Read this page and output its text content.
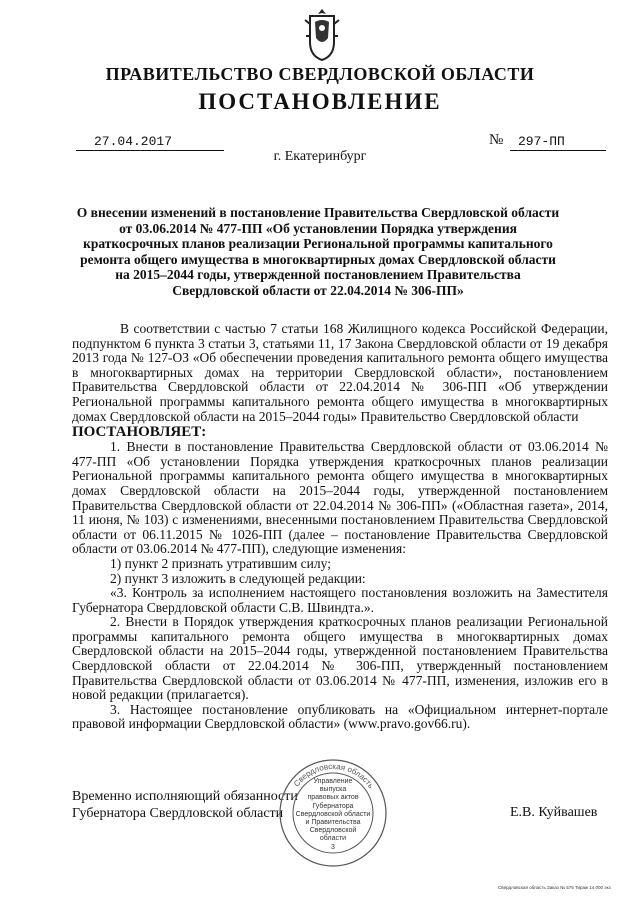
ПРАВИТЕЛЬСТВО СВЕРДЛОВСКОЙ ОБЛАСТИ
ПОСТАНОВЛЕНИЕ
27.04.2017	№ 297-ПП
г. Екатеринбург
О внесении изменений в постановление Правительства Свердловской области от 03.06.2014 № 477-ПП «Об установлении Порядка утверждения краткосрочных планов реализации Региональной программы капитального ремонта общего имущества в многоквартирных домах Свердловской области на 2015–2044 годы, утвержденной постановлением Правительства Свердловской области от 22.04.2014 № 306-ПП»

В соответствии с частью 7 статьи 168 Жилищного кодекса Российской Федерации, подпунктом 6 пункта 3 статьи 3, статьями 11, 17 Закона Свердловской области от 19 декабря 2013 года № 127-ОЗ «Об обеспечении проведения капитального ремонта общего имущества в многоквартирных домах на территории Свердловской области», постановлением Правительства Свердловской области от 22.04.2014 № 306-ПП «Об утверждении Региональной программы капитального ремонта общего имущества в многоквартирных домах Свердловской области на 2015–2044 годы» Правительство Свердловской области

ПОСТАНОВЛЯЕТ:

1. Внести в постановление Правительства Свердловской области от 03.06.2014 № 477-ПП «Об установлении Порядка утверждения краткосрочных планов реализации Региональной программы капитального ремонта общего имущества в многоквартирных домах Свердловской области на 2015–2044 годы, утвержденной постановлением Правительства Свердловской области от 22.04.2014 № 306-ПП» («Областная газета», 2014, 11 июня, № 103) с изменениями, внесенными постановлением Правительства Свердловской области от 06.11.2015 № 1026-ПП (далее – постановление Правительства Свердловской области от 03.06.2014 № 477-ПП), следующие изменения:

1) пункт 2 признать утратившим силу;

2) пункт 3 изложить в следующей редакции:

«3. Контроль за исполнением настоящего постановления возложить на Заместителя Губернатора Свердловской области С.В. Швиндта.».

2. Внести в Порядок утверждения краткосрочных планов реализации Региональной программы капитального ремонта общего имущества в многоквартирных домах Свердловской области на 2015–2044 годы, утвержденной постановлением Правительства Свердловской области от 22.04.2014 № 306-ПП, утвержденный постановлением Правительства Свердловской области от 03.06.2014 № 477-ПП, изменения, изложив его в новой редакции (прилагается).

3. Настоящее постановление опубликовать на «Официальном интернет-портале правовой информации Свердловской области» (www.pravo.gov66.ru).

Временно исполняющий обязанности
Губернатора Свердловской области	Е.В. Куйвашев
Свердловская область
Управление
выпуска
правовых актов
Губернатора
Свердловской области
и Правительства
Свердловской
области
3
Свердловская область Заказ № 575 Тираж 14 000 экз
